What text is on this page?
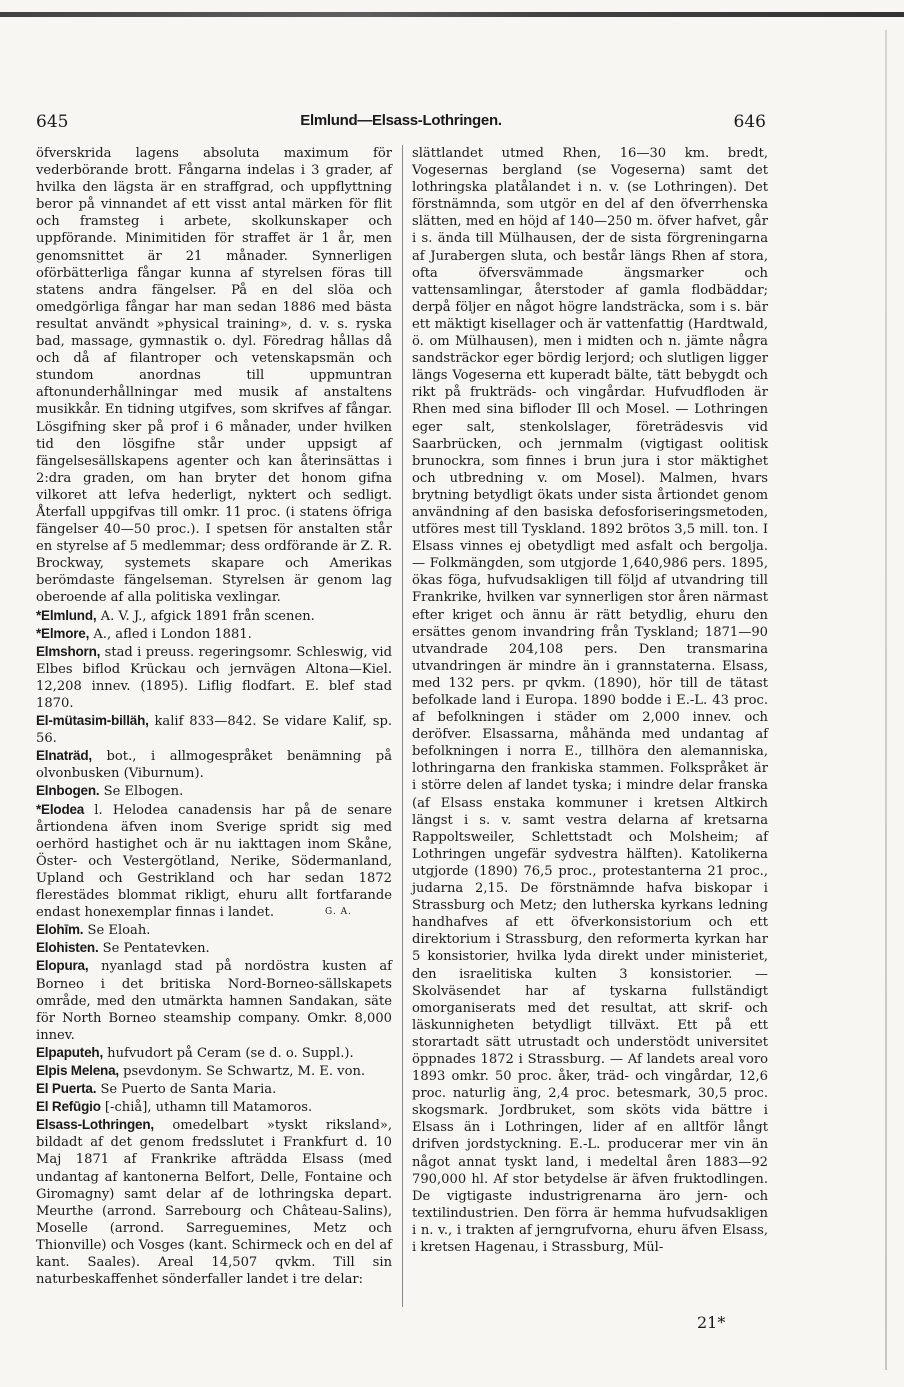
645	Elmlund—Elsass-Lothringen.	646

öfverskrida lagens absoluta maximum för vederbörande brott. Fångarna indelas i 3 grader, af hvilka den lägsta är en straffgrad, och uppflyttning beror på vinnandet af ett visst antal märken för flit och framsteg i arbete, skolkunskaper och uppförande. Minimitiden för straffet är 1 år, men genomsnittet är 21 månader. Synnerligen oförbätterliga fångar kunna af styrelsen föras till statens andra fängelser. På en del slöa och omedgörliga fångar har man sedan 1886 med bästa resultat användt »physical training», d. v. s. ryska bad, massage, gymnastik o. dyl. Föredrag hållas då och då af filantroper och vetenskapsmän och stundom anordnas till uppmuntran aftonunderhållningar med musik af anstaltens musikkår. En tidning utgifves, som skrifves af fångar. Lösgifning sker på prof i 6 månader, under hvilken tid den lösgifne står under uppsigt af fängelsesällskapens agenter och kan återinsättas i 2:dra graden, om han bryter det honom gifna vilkoret att lefva hederligt, nyktert och sedligt. Återfall uppgifvas till omkr. 11 proc. (i statens öfriga fängelser 40—50 proc.). I spetsen för anstalten står en styrelse af 5 medlemmar; dess ordförande är Z. R. Brockway, systemets skapare och Amerikas berömdaste fängelseman. Styrelsen är genom lag oberoende af alla politiska vexlingar.

*Elmlund, A. V. J., afgick 1891 från scenen.

*Elmore, A., afled i London 1881.

Elmshorn, stad i preuss. regeringsomr. Schleswig, vid Elbes biflod Krückau och jernvägen Altona—Kiel. 12,208 innev. (1895). Liflig flodfart. E. blef stad 1870.

El-mütasim-billäh, kalif 833—842. Se vidare Kalif, sp. 56.

Elnaträd, bot., i allmogespråket benämning på olvonbusken (Viburnum).

Elnbogen. Se Elbogen.

*Elodea l. Helodea canadensis har på de senare årtiondena äfven inom Sverige spridt sig med oerhörd hastighet och är nu iakttagen inom Skåne, Öster- och Vestergötland, Nerike, Södermanland, Upland och Gestrikland och har sedan 1872 flerestädes blommat rikligt, ehuru allt fortfarande endast honexemplar finnas i landet.	G. A.

Elohīm. Se Eloah.

Elohisten. Se Pentatevken.

Elopura, nyanlagd stad på nordöstra kusten af Borneo i det britiska Nord-Borneo-sällskapets område, med den utmärkta hamnen Sandakan, säte för North Borneo steamship company. Omkr. 8,000 innev.

Elpaputeh, hufvudort på Ceram (se d. o. Suppl.).

Elpis Melena, psevdonym. Se Schwartz, M. E. von.

El Puerta. Se Puerto de Santa Maria.

El Refūgio [-chiå], uthamn till Matamoros.

Elsass-Lothringen, omedelbart »tyskt riksland», bildadt af det genom fredsslutet i Frankfurt d. 10 Maj 1871 af Frankrike afträdda Elsass (med undantag af kantonerna Belfort, Delle, Fontaine och Giromagny) samt delar af de lothringska depart. Meurthe (arrond. Sarrebourg och Château-Salins), Moselle (arrond. Sarreguemines, Metz och Thionville) och Vosges (kant. Schirmeck och en del af kant. Saales). Areal 14,507 qvkm. Till sin naturbeskaffenhet sönderfaller landet i tre delar:

slättlandet utmed Rhen, 16—30 km. bredt, Vogesernas bergland (se Vogeserna) samt det lothringska platålandet i n. v. (se Lothringen). Det förstnämnda, som utgör en del af den öfverrhenska slätten, med en höjd af 140—250 m. öfver hafvet, går i s. ända till Mülhausen, der de sista förgreningarna af Jurabergen sluta, och består längs Rhen af stora, ofta öfversvämmade ängsmarker och vattensamlingar, återstoder af gamla flodbäddar; derpå följer en något högre landsträcka, som i s. bär ett mäktigt kisellager och är vattenfattig (Hardtwald, ö. om Mülhausen), men i midten och n. jämte några sandsträckor eger bördig lerjord; och slutligen ligger längs Vogeserna ett kuperadt bälte, tätt bebygdt och rikt på frukträds- och vingårdar. Hufvudfloden är Rhen med sina bifloder Ill och Mosel. — Lothringen eger salt, stenkolslager, företrädesvis vid Saarbrücken, och jernmalm (vigtigast oolitisk brunockra, som finnes i brun jura i stor mäktighet och utbredning v. om Mosel). Malmen, hvars brytning betydligt ökats under sista årtiondet genom användning af den basiska defosforiseringsmetoden, utföres mest till Tyskland. 1892 brötos 3,5 mill. ton. I Elsass vinnes ej obetydligt med asfalt och bergolja. — Folkmängden, som utgjorde 1,640,986 pers. 1895, ökas föga, hufvudsakligen till följd af utvandring till Frankrike, hvilken var synnerligen stor åren närmast efter kriget och ännu är rätt betydlig, ehuru den ersättes genom invandring från Tyskland; 1871—90 utvandrade 204,108 pers. Den transmarina utvandringen är mindre än i grannstaterna. Elsass, med 132 pers. pr qvkm. (1890), hör till de tätast befolkade land i Europa. 1890 bodde i E.-L. 43 proc. af befolkningen i städer om 2,000 innev. och deröfver. Elsassarna, måhända med undantag af befolkningen i norra E., tillhöra den alemanniska, lothringarna den frankiska stammen. Folkspråket är i större delen af landet tyska; i mindre delar franska (af Elsass enstaka kommuner i kretsen Altkirch längst i s. v. samt vestra delarna af kretsarna Rappoltsweiler, Schlettstadt och Molsheim; af Lothringen ungefär sydvestra hälften). Katolikerna utgjorde (1890) 76,5 proc., protestanterna 21 proc., judarna 2,15. De förstnämnde hafva biskopar i Strassburg och Metz; den lutherska kyrkans ledning handhafves af ett öfverkonsistorium och ett direktorium i Strassburg, den reformerta kyrkan har 5 konsistorier, hvilka lyda direkt under ministeriet, den israelitiska kulten 3 konsistorier. — Skolväsendet har af tyskarna fullständigt omorganiserats med det resultat, att skrif- och läskunnigheten betydligt tillväxt. Ett på ett storartadt sätt utrustadt och understödt universitet öppnades 1872 i Strassburg. — Af landets areal voro 1893 omkr. 50 proc. åker, träd- och vingårdar, 12,6 proc. naturlig äng, 2,4 proc. betesmark, 30,5 proc. skogsmark. Jordbruket, som sköts vida bättre i Elsass än i Lothringen, lider af en alltför långt drifven jordstyckning. E.-L. producerar mer vin än något annat tyskt land, i medeltal åren 1883—92 790,000 hl. Af stor betydelse är äfven fruktodlingen. De vigtigaste industrigrenarna äro jern- och textilindustrien. Den förra är hemma hufvudsakligen i n. v., i trakten af jerngrufvorna, ehuru äfven Elsass, i kretsen Hagenau, i Strassburg, Mül-

21*
